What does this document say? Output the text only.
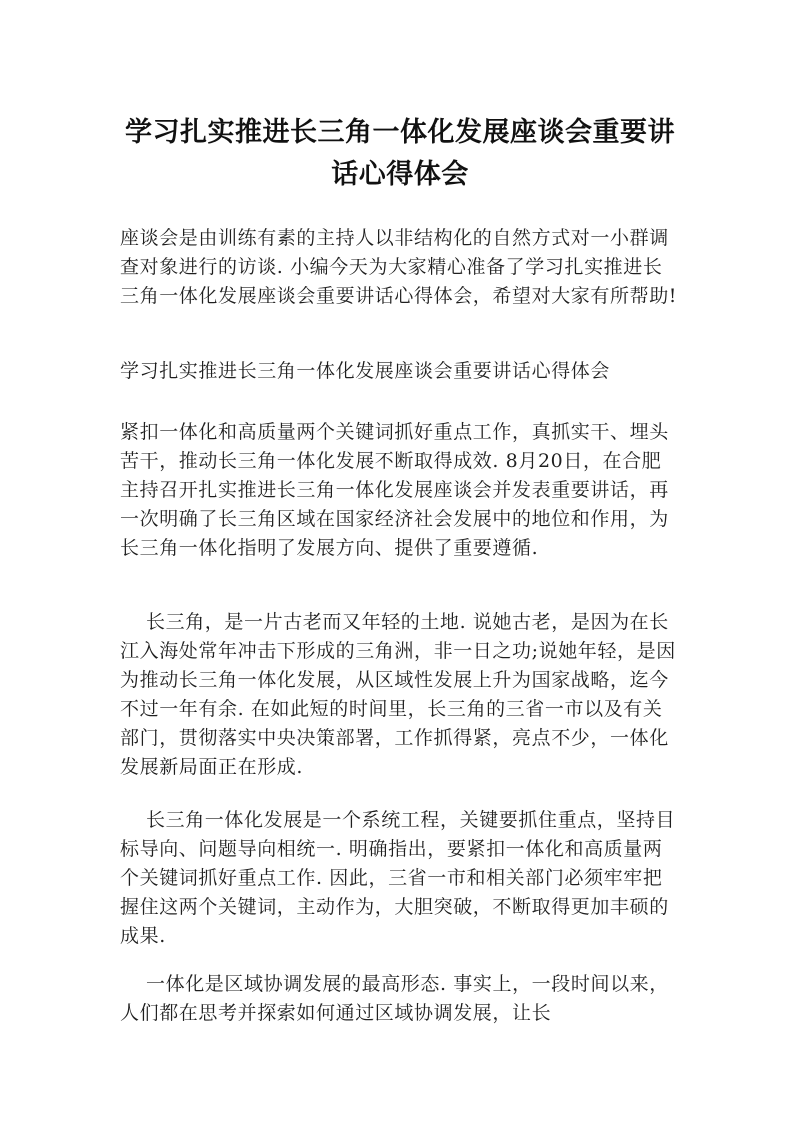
学习扎实推进长三角一体化发展座谈会重要讲话心得体会

座谈会是由训练有素的主持人以非结构化的自然方式对一小群调查对象进行的访谈. 小编今天为大家精心准备了学习扎实推进长三角一体化发展座谈会重要讲话心得体会，希望对大家有所帮助!

学习扎实推进长三角一体化发展座谈会重要讲话心得体会

紧扣一体化和高质量两个关键词抓好重点工作，真抓实干、埋头苦干，推动长三角一体化发展不断取得成效. 8月20日，在合肥主持召开扎实推进长三角一体化发展座谈会并发表重要讲话，再一次明确了长三角区域在国家经济社会发展中的地位和作用，为长三角一体化指明了发展方向、提供了重要遵循.

长三角，是一片古老而又年轻的土地. 说她古老，是因为在长江入海处常年冲击下形成的三角洲，非一日之功;说她年轻，是因为推动长三角一体化发展，从区域性发展上升为国家战略，迄今不过一年有余. 在如此短的时间里，长三角的三省一市以及有关部门，贯彻落实中央决策部署，工作抓得紧，亮点不少，一体化发展新局面正在形成.

长三角一体化发展是一个系统工程，关键要抓住重点，坚持目标导向、问题导向相统一. 明确指出，要紧扣一体化和高质量两个关键词抓好重点工作. 因此，三省一市和相关部门必须牢牢把握住这两个关键词，主动作为，大胆突破，不断取得更加丰硕的成果.

一体化是区域协调发展的最高形态. 事实上，一段时间以来，人们都在思考并探索如何通过区域协调发展，让长
